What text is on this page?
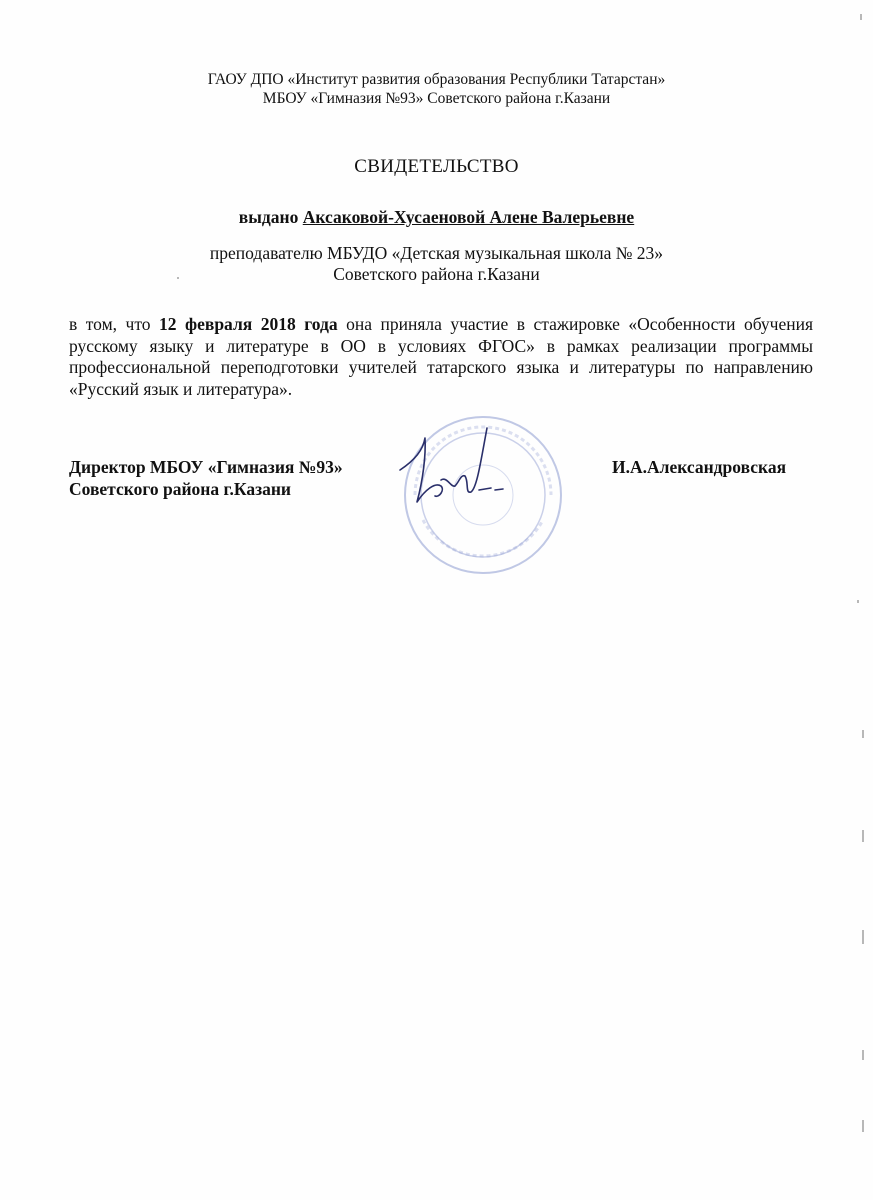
ГАОУ ДПО «Институт развития образования Республики Татарстан»
МБОУ «Гимназия №93» Советского района г.Казани
СВИДЕТЕЛЬСТВО
выдано Аксаковой-Хусаеновой Алене Валерьевне
преподавателю МБУДО «Детская музыкальная школа № 23»
Советского района г.Казани
в том, что 12 февраля 2018 года она приняла участие в стажировке «Особенности обучения русскому языку и литературе в ОО в условиях ФГОС» в рамках реализации программы профессиональной переподготовки учителей татарского языка и литературы по направлению «Русский язык и литература».
Директор МБОУ «Гимназия №93»
Советского района г.Казани
И.А.Александровская
